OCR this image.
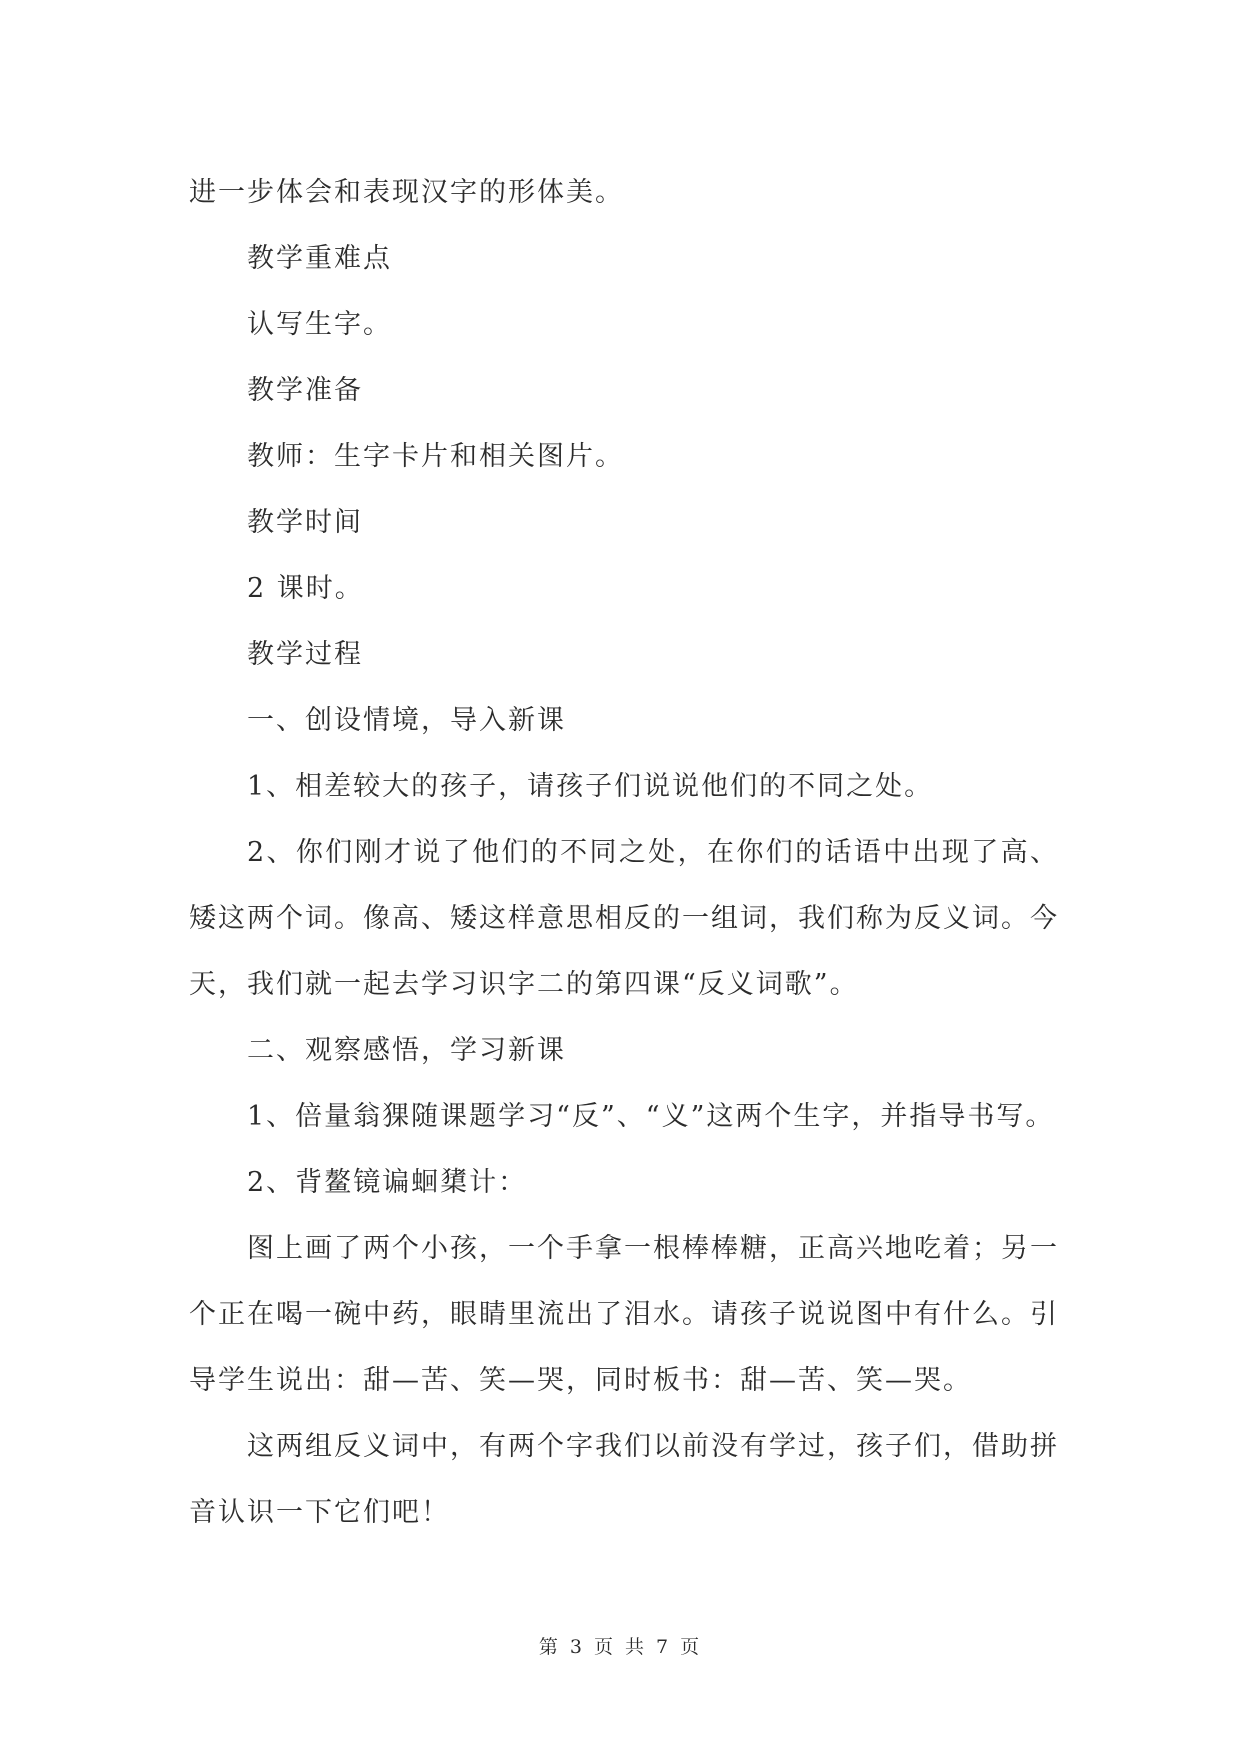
进一步体会和表现汉字的形体美。

教学重难点

认写生字。

教学准备

教师：生字卡片和相关图片。

教学时间

2 课时。

教学过程

一、创设情境，导入新课

1、相差较大的孩子，请孩子们说说他们的不同之处。

2、你们刚才说了他们的不同之处，在你们的话语中出现了高、矮这两个词。像高、矮这样意思相反的一组词，我们称为反义词。今天，我们就一起去学习识字二的第四课“反义词歌”。

二、观察感悟，学习新课

1、倍量翁猓随课题学习“反”、“义”这两个生字，并指导书写。

2、背鳌镜谝蛔橥计：

图上画了两个小孩，一个手拿一根棒棒糖，正高兴地吃着；另一个正在喝一碗中药，眼睛里流出了泪水。请孩子说说图中有什么。引导学生说出：甜—苦、笑—哭，同时板书：甜—苦、笑—哭。

这两组反义词中，有两个字我们以前没有学过，孩子们，借助拼音认识一下它们吧！

第 3 页 共 7 页
